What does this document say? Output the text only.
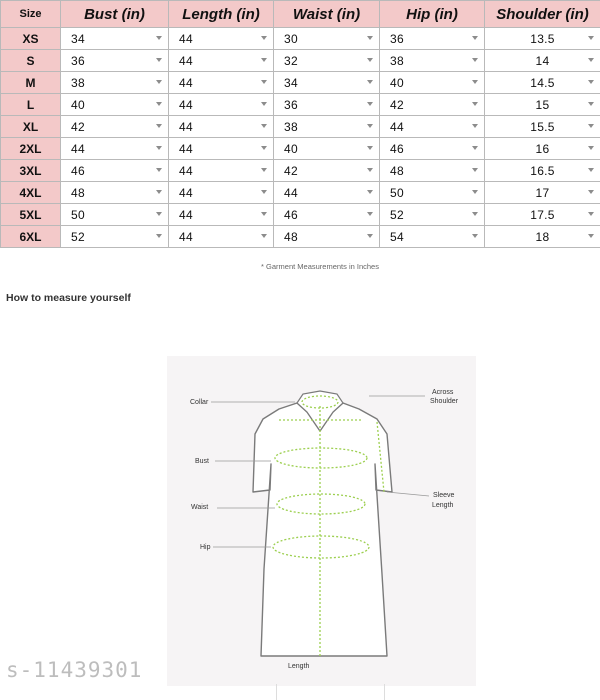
Size	Bust (in)	Length (in)	Waist (in)	Hip (in)	Shoulder (in)
XS	34	44	30	36	13.5

S	36	44	32	38	14

M	38	44	34	40	14.5

L	40	44	36	42	15

XL	42	44	38	44	15.5

2XL	44	44	40	46	16

3XL	46	44	42	48	16.5

4XL	48	44	44	50	17

5XL	50	44	46	52	17.5

6XL	52	44	48	54	18
* Garment Measurements in Inches
How to measure yourself
Collar
Across
Shoulder
Bust
Waist
Hip
Sleeve
Length
Length
s-11439301
